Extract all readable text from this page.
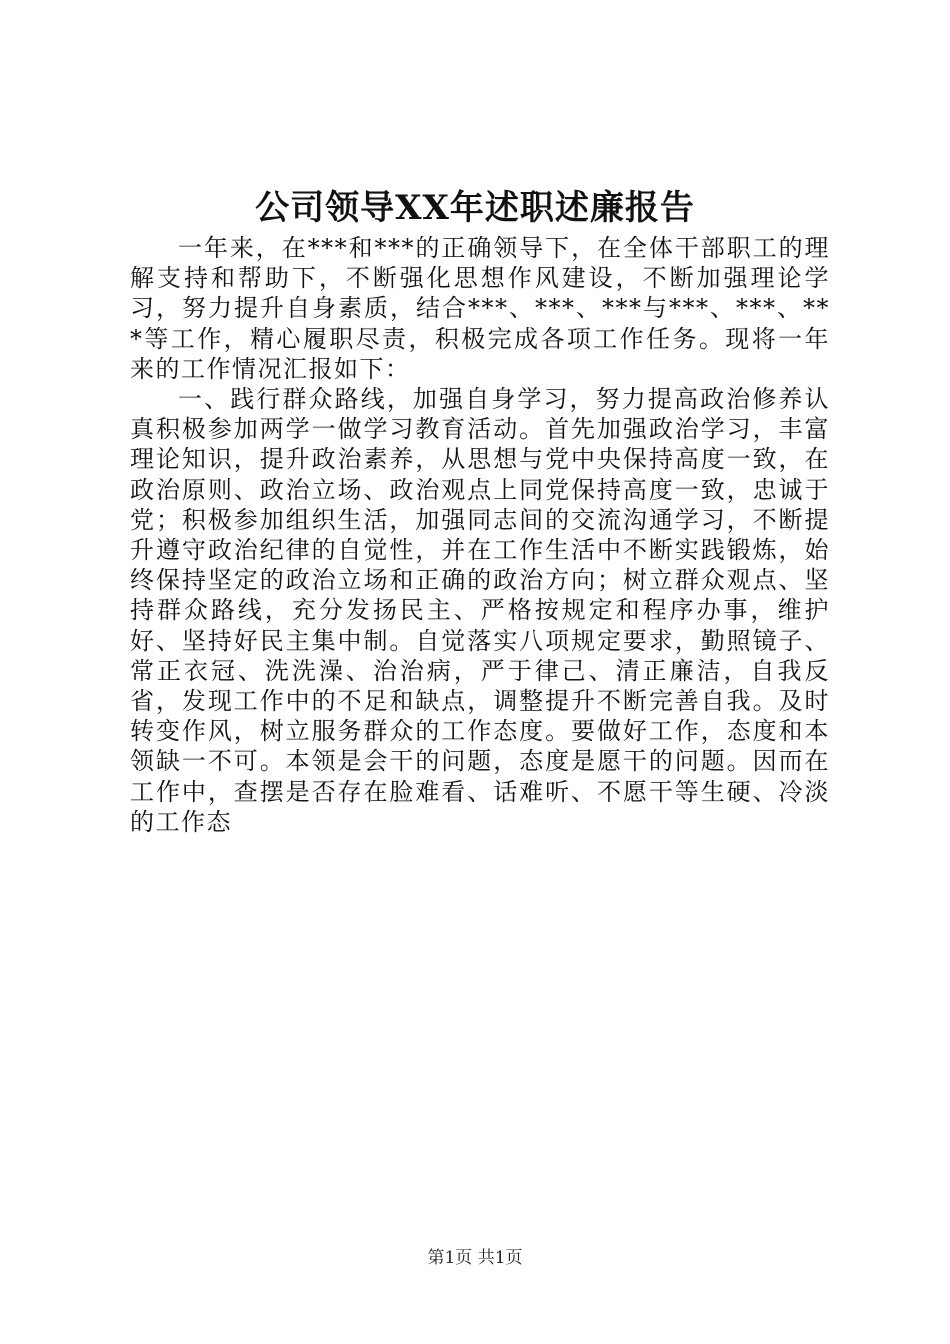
公司领导XX年述职述廉报告

一年来，在***和***的正确领导下，在全体干部职工的理解支持和帮助下，不断强化思想作风建设，不断加强理论学习，努力提升自身素质，结合***、***、***与***、***、***等工作，精心履职尽责，积极完成各项工作任务。现将一年来的工作情况汇报如下：

一、践行群众路线，加强自身学习，努力提高政治修养认真积极参加两学一做学习教育活动。首先加强政治学习，丰富理论知识，提升政治素养，从思想与党中央保持高度一致，在政治原则、政治立场、政治观点上同党保持高度一致，忠诚于党；积极参加组织生活，加强同志间的交流沟通学习，不断提升遵守政治纪律的自觉性，并在工作生活中不断实践锻炼，始终保持坚定的政治立场和正确的政治方向；树立群众观点、坚持群众路线，充分发扬民主、严格按规定和程序办事，维护好、坚持好民主集中制。自觉落实八项规定要求，勤照镜子、常正衣冠、洗洗澡、治治病，严于律己、清正廉洁，自我反省，发现工作中的不足和缺点，调整提升不断完善自我。及时转变作风，树立服务群众的工作态度。要做好工作，态度和本领缺一不可。本领是会干的问题，态度是愿干的问题。因而在工作中，查摆是否存在脸难看、话难听、不愿干等生硬、冷淡的工作态

第1页 共1页
